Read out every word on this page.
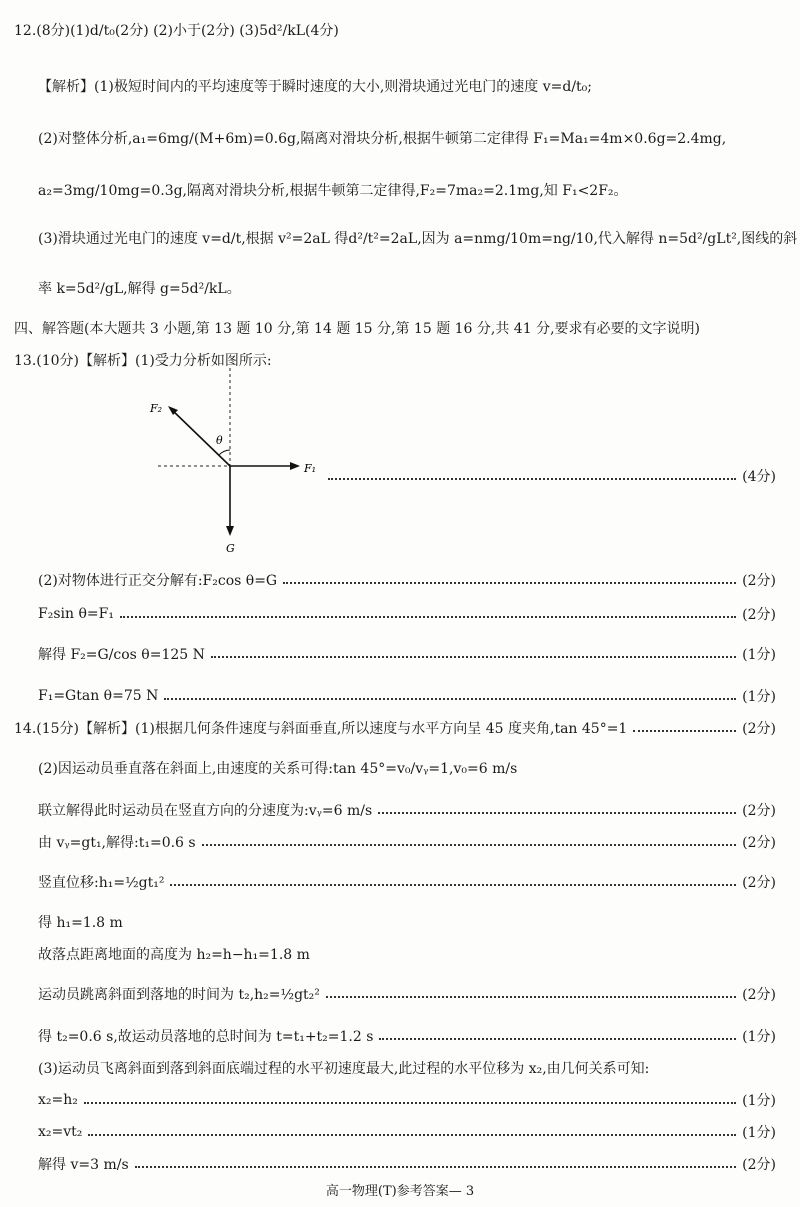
12.(8分)(1)d/t₀(2分) (2)小于(2分) (3)5d²/kL(4分)
【解析】(1)极短时间内的平均速度等于瞬时速度的大小,则滑块通过光电门的速度 v=d/t₀;
(2)对整体分析,a₁=6mg/(M+6m)=0.6g,隔离对滑块分析,根据牛顿第二定律得 F₁=Ma₁=4m×0.6g=2.4mg,
a₂=3mg/10mg=0.3g,隔离对滑块分析,根据牛顿第二定律得,F₂=7ma₂=2.1mg,知 F₁<2F₂。
(3)滑块通过光电门的速度 v=d/t,根据 v²=2aL 得d²/t²=2aL,因为 a=nmg/10m=ng/10,代入解得 n=5d²/gLt²,图线的斜
率 k=5d²/gL,解得 g=5d²/kL。
四、解答题(本大题共 3 小题,第 13 题 10 分,第 14 题 15 分,第 15 题 16 分,共 41 分,要求有必要的文字说明)
13.(10分)【解析】(1)受力分析如图所示:
(4分)
(2)对物体进行正交分解有:F₂cos θ=G	(2分)
F₂sin θ=F₁	(2分)
解得 F₂=G/cos θ=125 N	(1分)
F₁=Gtan θ=75 N	(1分)
14.(15分)【解析】(1)根据几何条件速度与斜面垂直,所以速度与水平方向呈 45 度夹角,tan 45°=1	(2分)
(2)因运动员垂直落在斜面上,由速度的关系可得:tan 45°=v₀/vᵧ=1,v₀=6 m/s
联立解得此时运动员在竖直方向的分速度为:vᵧ=6 m/s	(2分)
由 vᵧ=gt₁,解得:t₁=0.6 s	(2分)
竖直位移:h₁=½gt₁²	(2分)
得 h₁=1.8 m
故落点距离地面的高度为 h₂=h−h₁=1.8 m
运动员跳离斜面到落地的时间为 t₂,h₂=½gt₂²	(2分)
得 t₂=0.6 s,故运动员落地的总时间为 t=t₁+t₂=1.2 s	(1分)
(3)运动员飞离斜面到落到斜面底端过程的水平初速度最大,此过程的水平位移为 x₂,由几何关系可知:
x₂=h₂	(1分)
x₂=vt₂	(1分)
解得 v=3 m/s	(2分)
F₂
θ
F₁
G
高一物理(T)参考答案— 3
